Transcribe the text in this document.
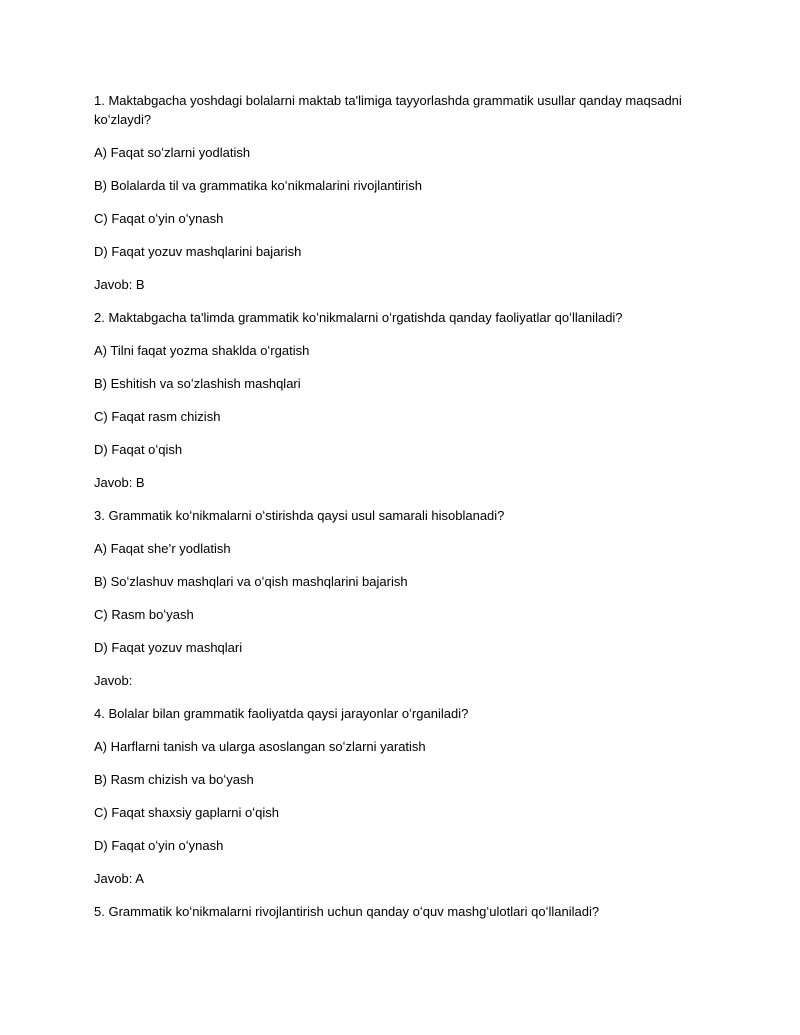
1. Maktabgacha yoshdagi bolalarni maktab ta'limiga tayyorlashda grammatik usullar qanday maqsadni koʻzlaydi?

A) Faqat soʻzlarni yodlatish

B) Bolalarda til va grammatika koʻnikmalarini rivojlantirish

C) Faqat oʻyin oʻynash

D) Faqat yozuv mashqlarini bajarish

Javob: B

2. Maktabgacha ta'limda grammatik koʻnikmalarni oʻrgatishda qanday faoliyatlar qoʻllaniladi?

A) Tilni faqat yozma shaklda oʻrgatish

B) Eshitish va soʻzlashish mashqlari

C) Faqat rasm chizish

D) Faqat oʻqish

Javob: B

3. Grammatik koʻnikmalarni oʻstirishda qaysi usul samarali hisoblanadi?

A) Faqat she’r yodlatish

B) Soʻzlashuv mashqlari va oʻqish mashqlarini bajarish

C) Rasm boʻyash

D) Faqat yozuv mashqlari

Javob:

4. Bolalar bilan grammatik faoliyatda qaysi jarayonlar oʻrganiladi?

A) Harflarni tanish va ularga asoslangan soʻzlarni yaratish

B) Rasm chizish va boʻyash

C) Faqat shaxsiy gaplarni oʻqish

D) Faqat oʻyin oʻynash

Javob: A

5. Grammatik koʻnikmalarni rivojlantirish uchun qanday oʻquv mashgʻulotlari qoʻllaniladi?
